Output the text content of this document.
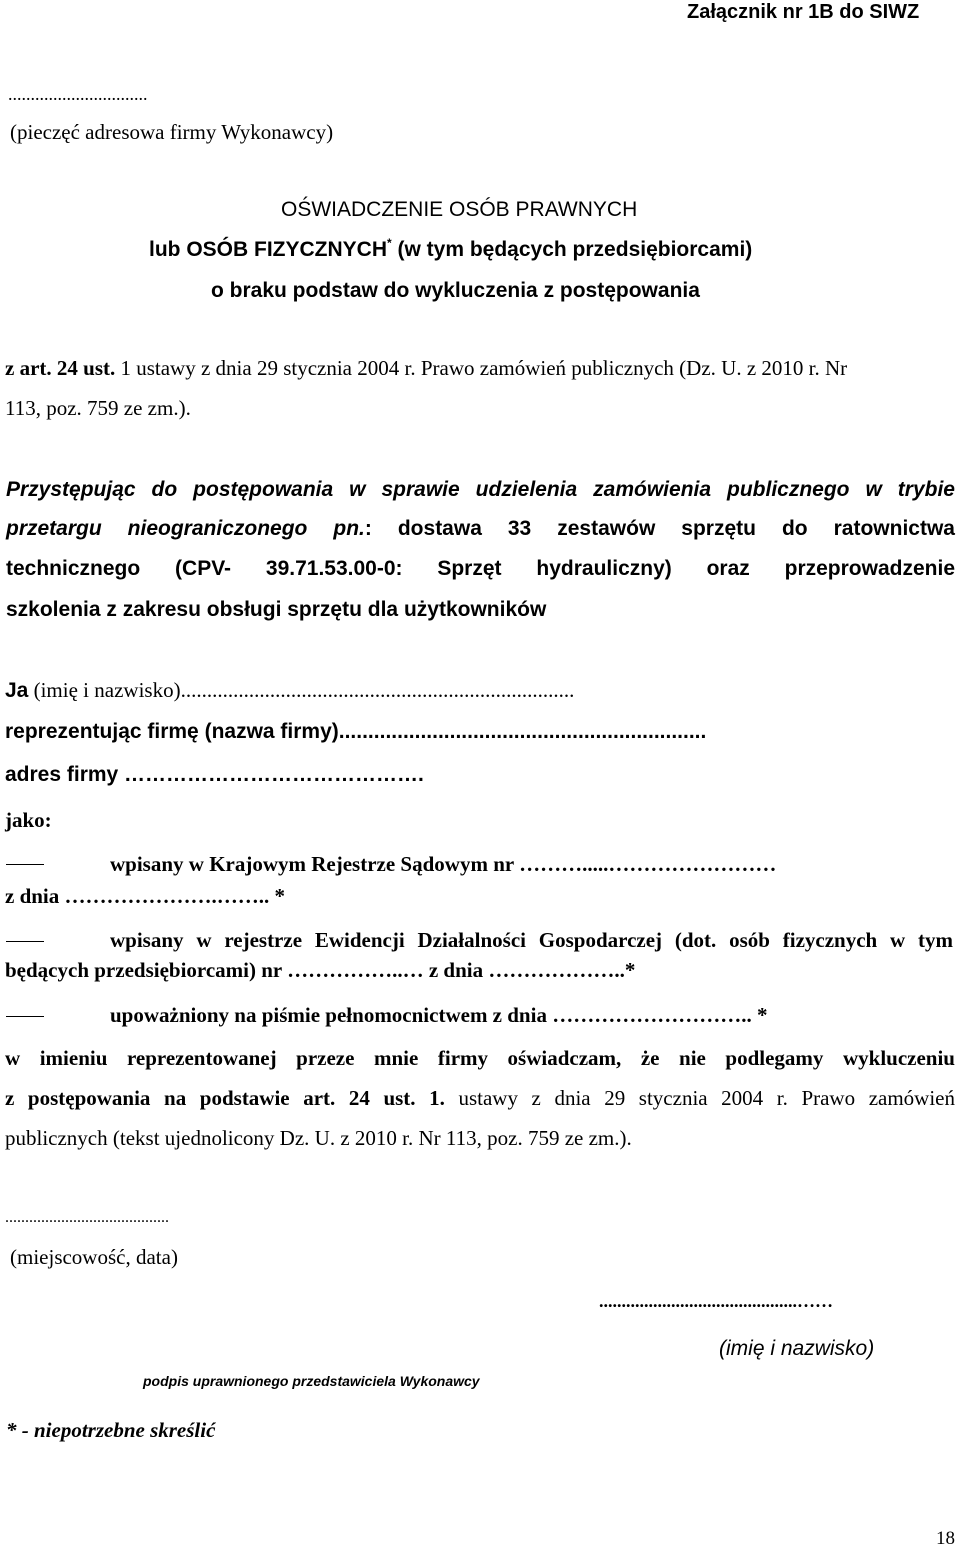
Załącznik nr 1B do SIWZ
...............................
(pieczęć adresowa firmy Wykonawcy)
OŚWIADCZENIE OSÓB PRAWNYCH
lub OSÓB FIZYCZNYCH* (w tym będących przedsiębiorcami)
o braku podstaw do wykluczenia z postępowania
z art. 24 ust. 1 ustawy z dnia 29 stycznia 2004 r. Prawo zamówień publicznych (Dz. U. z 2010 r. Nr
113, poz. 759 ze zm.).
Przystępując do postępowania w sprawie udzielenia zamówienia publicznego w trybie
przetargu nieograniczonego pn.: dostawa 33 zestawów sprzętu do ratownictwa
technicznego (CPV- 39.71.53.00-0: Sprzęt hydrauliczny) oraz przeprowadzenie
szkolenia z zakresu obsługi sprzętu dla użytkowników
Ja (imię i nazwisko)...........................................................................
reprezentując firmę (nazwa firmy)...............................................................
adres firmy …………………………………….
jako:
wpisany w Krajowym Rejestrze Sądowym nr ……….....……………………
z dnia ………………….…….. *
wpisany w rejestrze Ewidencji Działalności Gospodarczej (dot. osób fizycznych w tym
będących przedsiębiorcami) nr ……………..… z dnia ………………..*
upoważniony na piśmie pełnomocnictwem z dnia ……………………….. *
w imieniu reprezentowanej przeze mnie firmy oświadczam, że nie podlegamy wykluczeniu
z postępowania na podstawie art. 24 ust. 1. ustawy z dnia 29 stycznia 2004 r. Prawo zamówień
publicznych (tekst ujednolicony Dz. U. z 2010 r. Nr 113, poz. 759 ze zm.).
.........................................
(miejscowość, data)
............................................……
(imię i nazwisko)
podpis uprawnionego przedstawiciela Wykonawcy
* - niepotrzebne skreślić
18
